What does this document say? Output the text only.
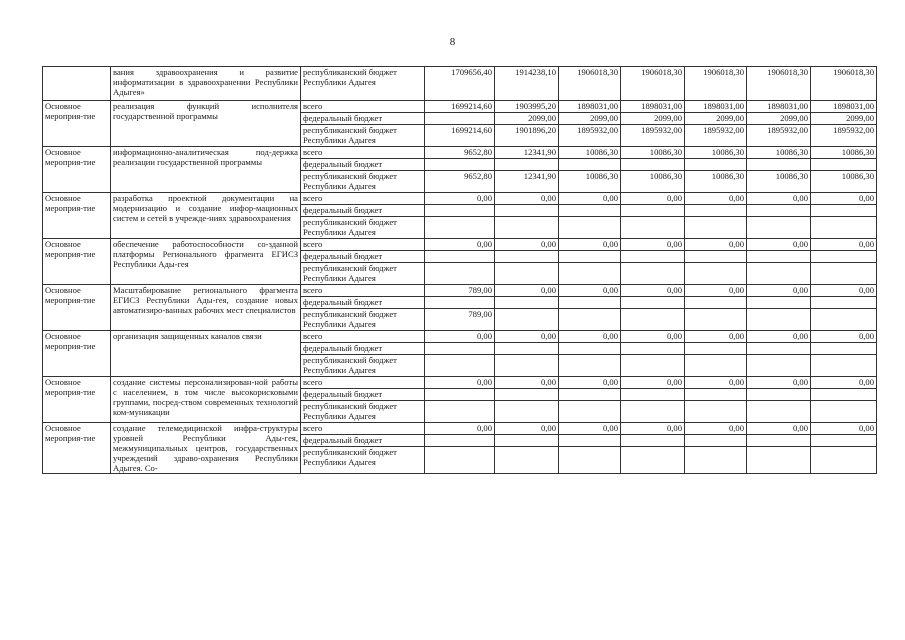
8
	вания здравоохранения и развитие информатизации в здравоохранении Республики Адыгея»	республиканский бюджет Республики Адыгея	1709656,40	1914238,10	1906018,30	1906018,30	1906018,30	1906018,30	1906018,30
Основное мероприя-тие	реализация функций исполнителя государственной программы	всего	1699214,60	1903995,20	1898031,00	1898031,00	1898031,00	1898031,00	1898031,00
		федеральный бюджет		2099,00	2099,00	2099,00	2099,00	2099,00	2099,00
		республиканский бюджет Республики Адыгея	1699214,60	1901896,20	1895932,00	1895932,00	1895932,00	1895932,00	1895932,00
Основное мероприя-тие	информационно-аналитическая под-держка реализации государственной программы	всего	9652,80	12341,90	10086,30	10086,30	10086,30	10086,30	10086,30
		федеральный бюджет							
		республиканский бюджет Республики Адыгея	9652,80	12341,90	10086,30	10086,30	10086,30	10086,30	10086,30
Основное мероприя-тие	разработка проектной документации на модернизацию и создание инфор-мационных систем и сетей в учрежде-ниях здравоохранения	всего	0,00	0,00	0,00	0,00	0,00	0,00	0,00
		федеральный бюджет							
		республиканский бюджет Республики Адыгея							
Основное мероприя-тие	обеспечение работоспособности со-зданной платформы Регионального фрагмента ЕГИСЗ Республики Ады-гея	всего	0,00	0,00	0,00	0,00	0,00	0,00	0,00
		федеральный бюджет							
		республиканский бюджет Республики Адыгея							
Основное мероприя-тие	Масштабирование регионального фрагмента ЕГИСЗ Республики Ады-гея, создание новых автоматизиро-ванных рабочих мест специалистов	всего	789,00	0,00	0,00	0,00	0,00	0,00	0,00
		федеральный бюджет							
		республиканский бюджет Республики Адыгея	789,00						
Основное мероприя-тие	организация защищенных каналов связи	всего	0,00	0,00	0,00	0,00	0,00	0,00	0,00
		федеральный бюджет							
		республиканский бюджет Республики Адыгея							
Основное мероприя-тие	создание системы персонализирован-ной работы с населением, в том числе высокорисковыми группами, посред-ством современных технологий ком-муникации	всего	0,00	0,00	0,00	0,00	0,00	0,00	0,00
		федеральный бюджет							
		республиканский бюджет Республики Адыгея							
Основное мероприя-тие	создание телемедицинской инфра-структуры уровней Республики Ады-гея, межмуниципальных центров, государственных учреждений здраво-охранения Республики Адыгея. Со-	всего	0,00	0,00	0,00	0,00	0,00	0,00	0,00
		федеральный бюджет							
		республиканский бюджет Республики Адыгея							
